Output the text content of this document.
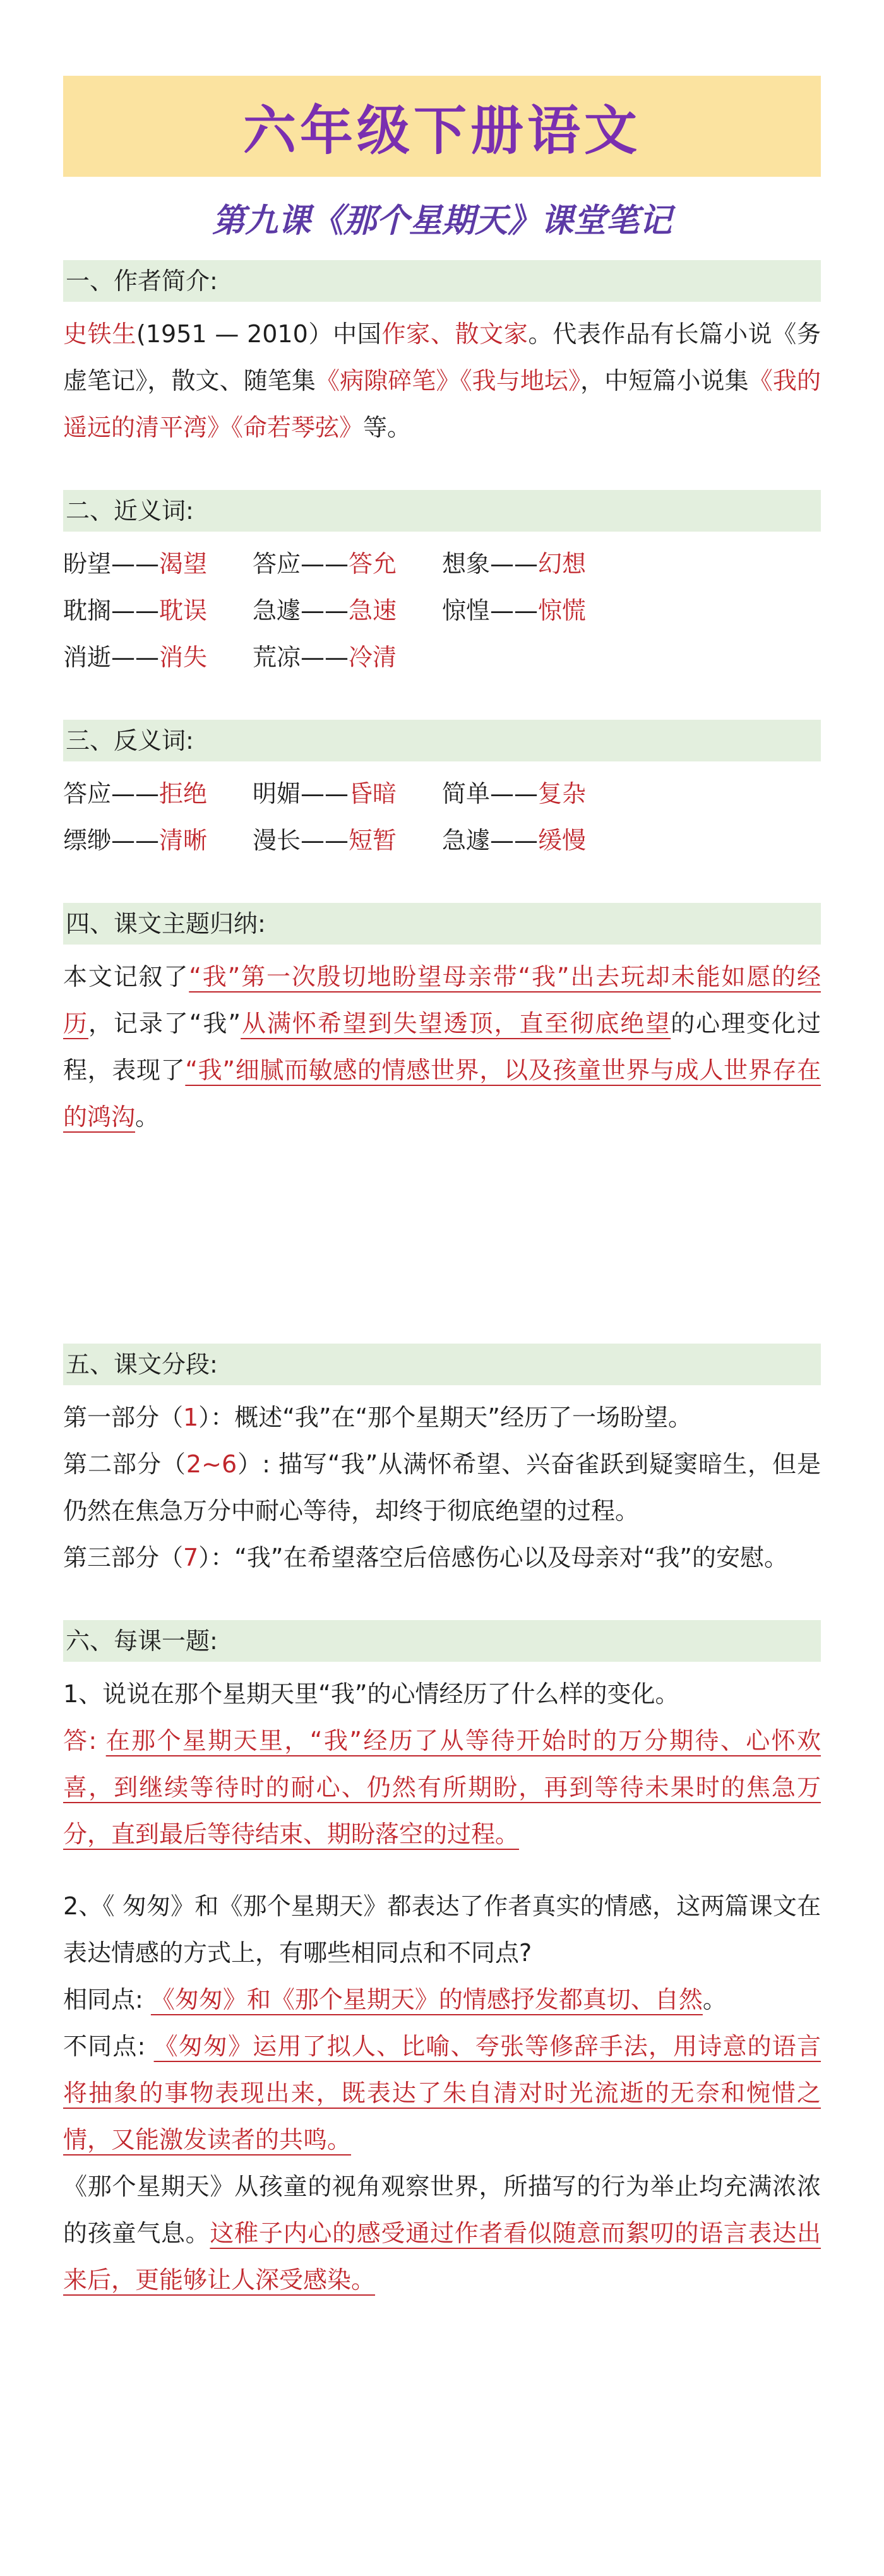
六年级下册语文
第九课《那个星期天》课堂笔记
一、作者简介:
史铁生(1951 — 2010）中国作家、散文家。代表作品有长篇小说《务虚笔记》，散文、随笔集《病隙碎笔》《我与地坛》，中短篇小说集《我的遥远的清平湾》《命若琴弦》等。
二、近义词:
盼望——渴望	答应——答允	想象——幻想
耽搁——耽误	急遽——急速	惊惶——惊慌
消逝——消失	荒凉——冷清
三、反义词:
答应——拒绝	明媚——昏暗	简单——复杂
缥缈——清晰	漫长——短暂	急遽——缓慢
四、课文主题归纳:
本文记叙了“我”第一次殷切地盼望母亲带“我”出去玩却未能如愿的经历，记录了“我”从满怀希望到失望透顶，直至彻底绝望的心理变化过程，表现了“我”细腻而敏感的情感世界，以及孩童世界与成人世界存在的鸿沟。
五、课文分段:
第一部分（1）：概述“我”在“那个星期天”经历了一场盼望。
第二部分（2~6）: 描写“我”从满怀希望、兴奋雀跃到疑窦暗生，但是仍然在焦急万分中耐心等待，却终于彻底绝望的过程。
第三部分（7）：“我”在希望落空后倍感伤心以及母亲对“我”的安慰。
六、每课一题:
1、说说在那个星期天里“我”的心情经历了什么样的变化。
答: 在那个星期天里，“我”经历了从等待开始时的万分期待、心怀欢喜，到继续等待时的耐心、仍然有所期盼，再到等待未果时的焦急万分，直到最后等待结束、期盼落空的过程。
2、《 匆匆》和《那个星期天》都表达了作者真实的情感，这两篇课文在表达情感的方式上，有哪些相同点和不同点?
相同点: 《匆匆》和《那个星期天》的情感抒发都真切、自然。
不同点: 《匆匆》运用了拟人、比喻、夸张等修辞手法，用诗意的语言将抽象的事物表现出来，既表达了朱自清对时光流逝的无奈和惋惜之情，又能激发读者的共鸣。
《那个星期天》从孩童的视角观察世界，所描写的行为举止均充满浓浓的孩童气息。这稚子内心的感受通过作者看似随意而絮叨的语言表达出来后，更能够让人深受感染。
